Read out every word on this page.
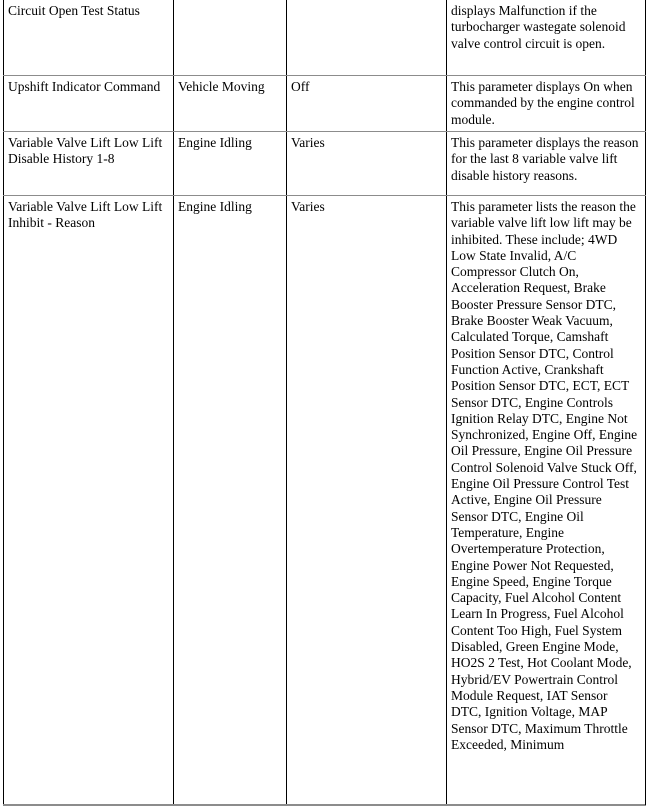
Circuit Open Test Status			displays Malfunction if the turbocharger wastegate solenoid valve control circuit is open.

Upshift Indicator Command	Vehicle Moving	Off	This parameter displays On when commanded by the engine control module.

Variable Valve Lift Low Lift Disable History 1-8	Engine Idling	Varies	This parameter displays the reason for the last 8 variable valve lift disable history reasons.

Variable Valve Lift Low Lift Inhibit - Reason	Engine Idling	Varies	This parameter lists the reason the variable valve lift low lift may be inhibited. These include; 4WD Low State Invalid, A/C Compressor Clutch On, Acceleration Request, Brake Booster Pressure Sensor DTC, Brake Booster Weak Vacuum, Calculated Torque, Camshaft Position Sensor DTC, Control Function Active, Crankshaft Position Sensor DTC, ECT, ECT Sensor DTC, Engine Controls Ignition Relay DTC, Engine Not Synchronized, Engine Off, Engine Oil Pressure, Engine Oil Pressure Control Solenoid Valve Stuck Off, Engine Oil Pressure Control Test Active, Engine Oil Pressure Sensor DTC, Engine Oil Temperature, Engine Overtemperature Protection, Engine Power Not Requested, Engine Speed, Engine Torque Capacity, Fuel Alcohol Content Learn In Progress, Fuel Alcohol Content Too High, Fuel System Disabled, Green Engine Mode, HO2S 2 Test, Hot Coolant Mode, Hybrid/EV Powertrain Control Module Request, IAT Sensor DTC, Ignition Voltage, MAP Sensor DTC, Maximum Throttle Exceeded, Minimum
